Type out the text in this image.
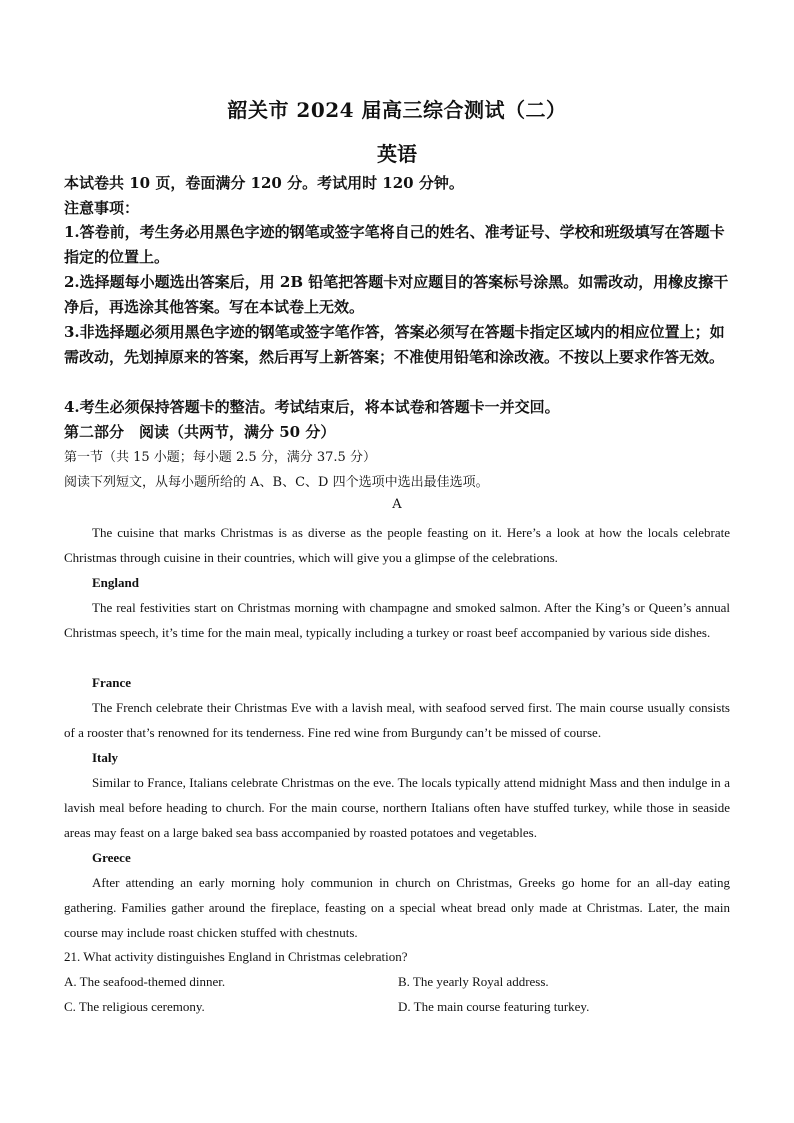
韶关市 2024 届高三综合测试（二）
英语
本试卷共 10 页，卷面满分 120 分。考试用时 120 分钟。
注意事项：
1.答卷前，考生务必用黑色字迹的钢笔或签字笔将自己的姓名、准考证号、学校和班级填写在答题卡指定的位置上。
2.选择题每小题选出答案后，用 2B 铅笔把答题卡对应题目的答案标号涂黑。如需改动，用橡皮擦干净后，再选涂其他答案。写在本试卷上无效。
3.非选择题必须用黑色字迹的钢笔或签字笔作答，答案必须写在答题卡指定区域内的相应位置上；如需改动，先划掉原来的答案，然后再写上新答案；不准使用铅笔和涂改液。不按以上要求作答无效。
4.考生必须保持答题卡的整洁。考试结束后，将本试卷和答题卡一并交回。
第二部分　阅读（共两节，满分 50 分）
第一节（共 15 小题；每小题 2.5 分，满分 37.5 分）
阅读下列短文，从每小题所给的 A、B、C、D 四个选项中选出最佳选项。
A
The cuisine that marks Christmas is as diverse as the people feasting on it. Here’s a look at how the locals celebrate Christmas through cuisine in their countries, which will give you a glimpse of the celebrations.
England
The real festivities start on Christmas morning with champagne and smoked salmon. After the King’s or Queen’s annual Christmas speech, it’s time for the main meal, typically including a turkey or roast beef accompanied by various side dishes.
France
The French celebrate their Christmas Eve with a lavish meal, with seafood served first. The main course usually consists of a rooster that’s renowned for its tenderness. Fine red wine from Burgundy can’t be missed of course.
Italy
Similar to France, Italians celebrate Christmas on the eve. The locals typically attend midnight Mass and then indulge in a lavish meal before heading to church. For the main course, northern Italians often have stuffed turkey, while those in seaside areas may feast on a large baked sea bass accompanied by roasted potatoes and vegetables.
Greece
After attending an early morning holy communion in church on Christmas, Greeks go home for an all-day eating gathering. Families gather around the fireplace, feasting on a special wheat bread only made at Christmas. Later, the main course may include roast chicken stuffed with chestnuts.
21. What activity distinguishes England in Christmas celebration?
A. The seafood-themed dinner.	B. The yearly Royal address.
C. The religious ceremony.	D. The main course featuring turkey.
